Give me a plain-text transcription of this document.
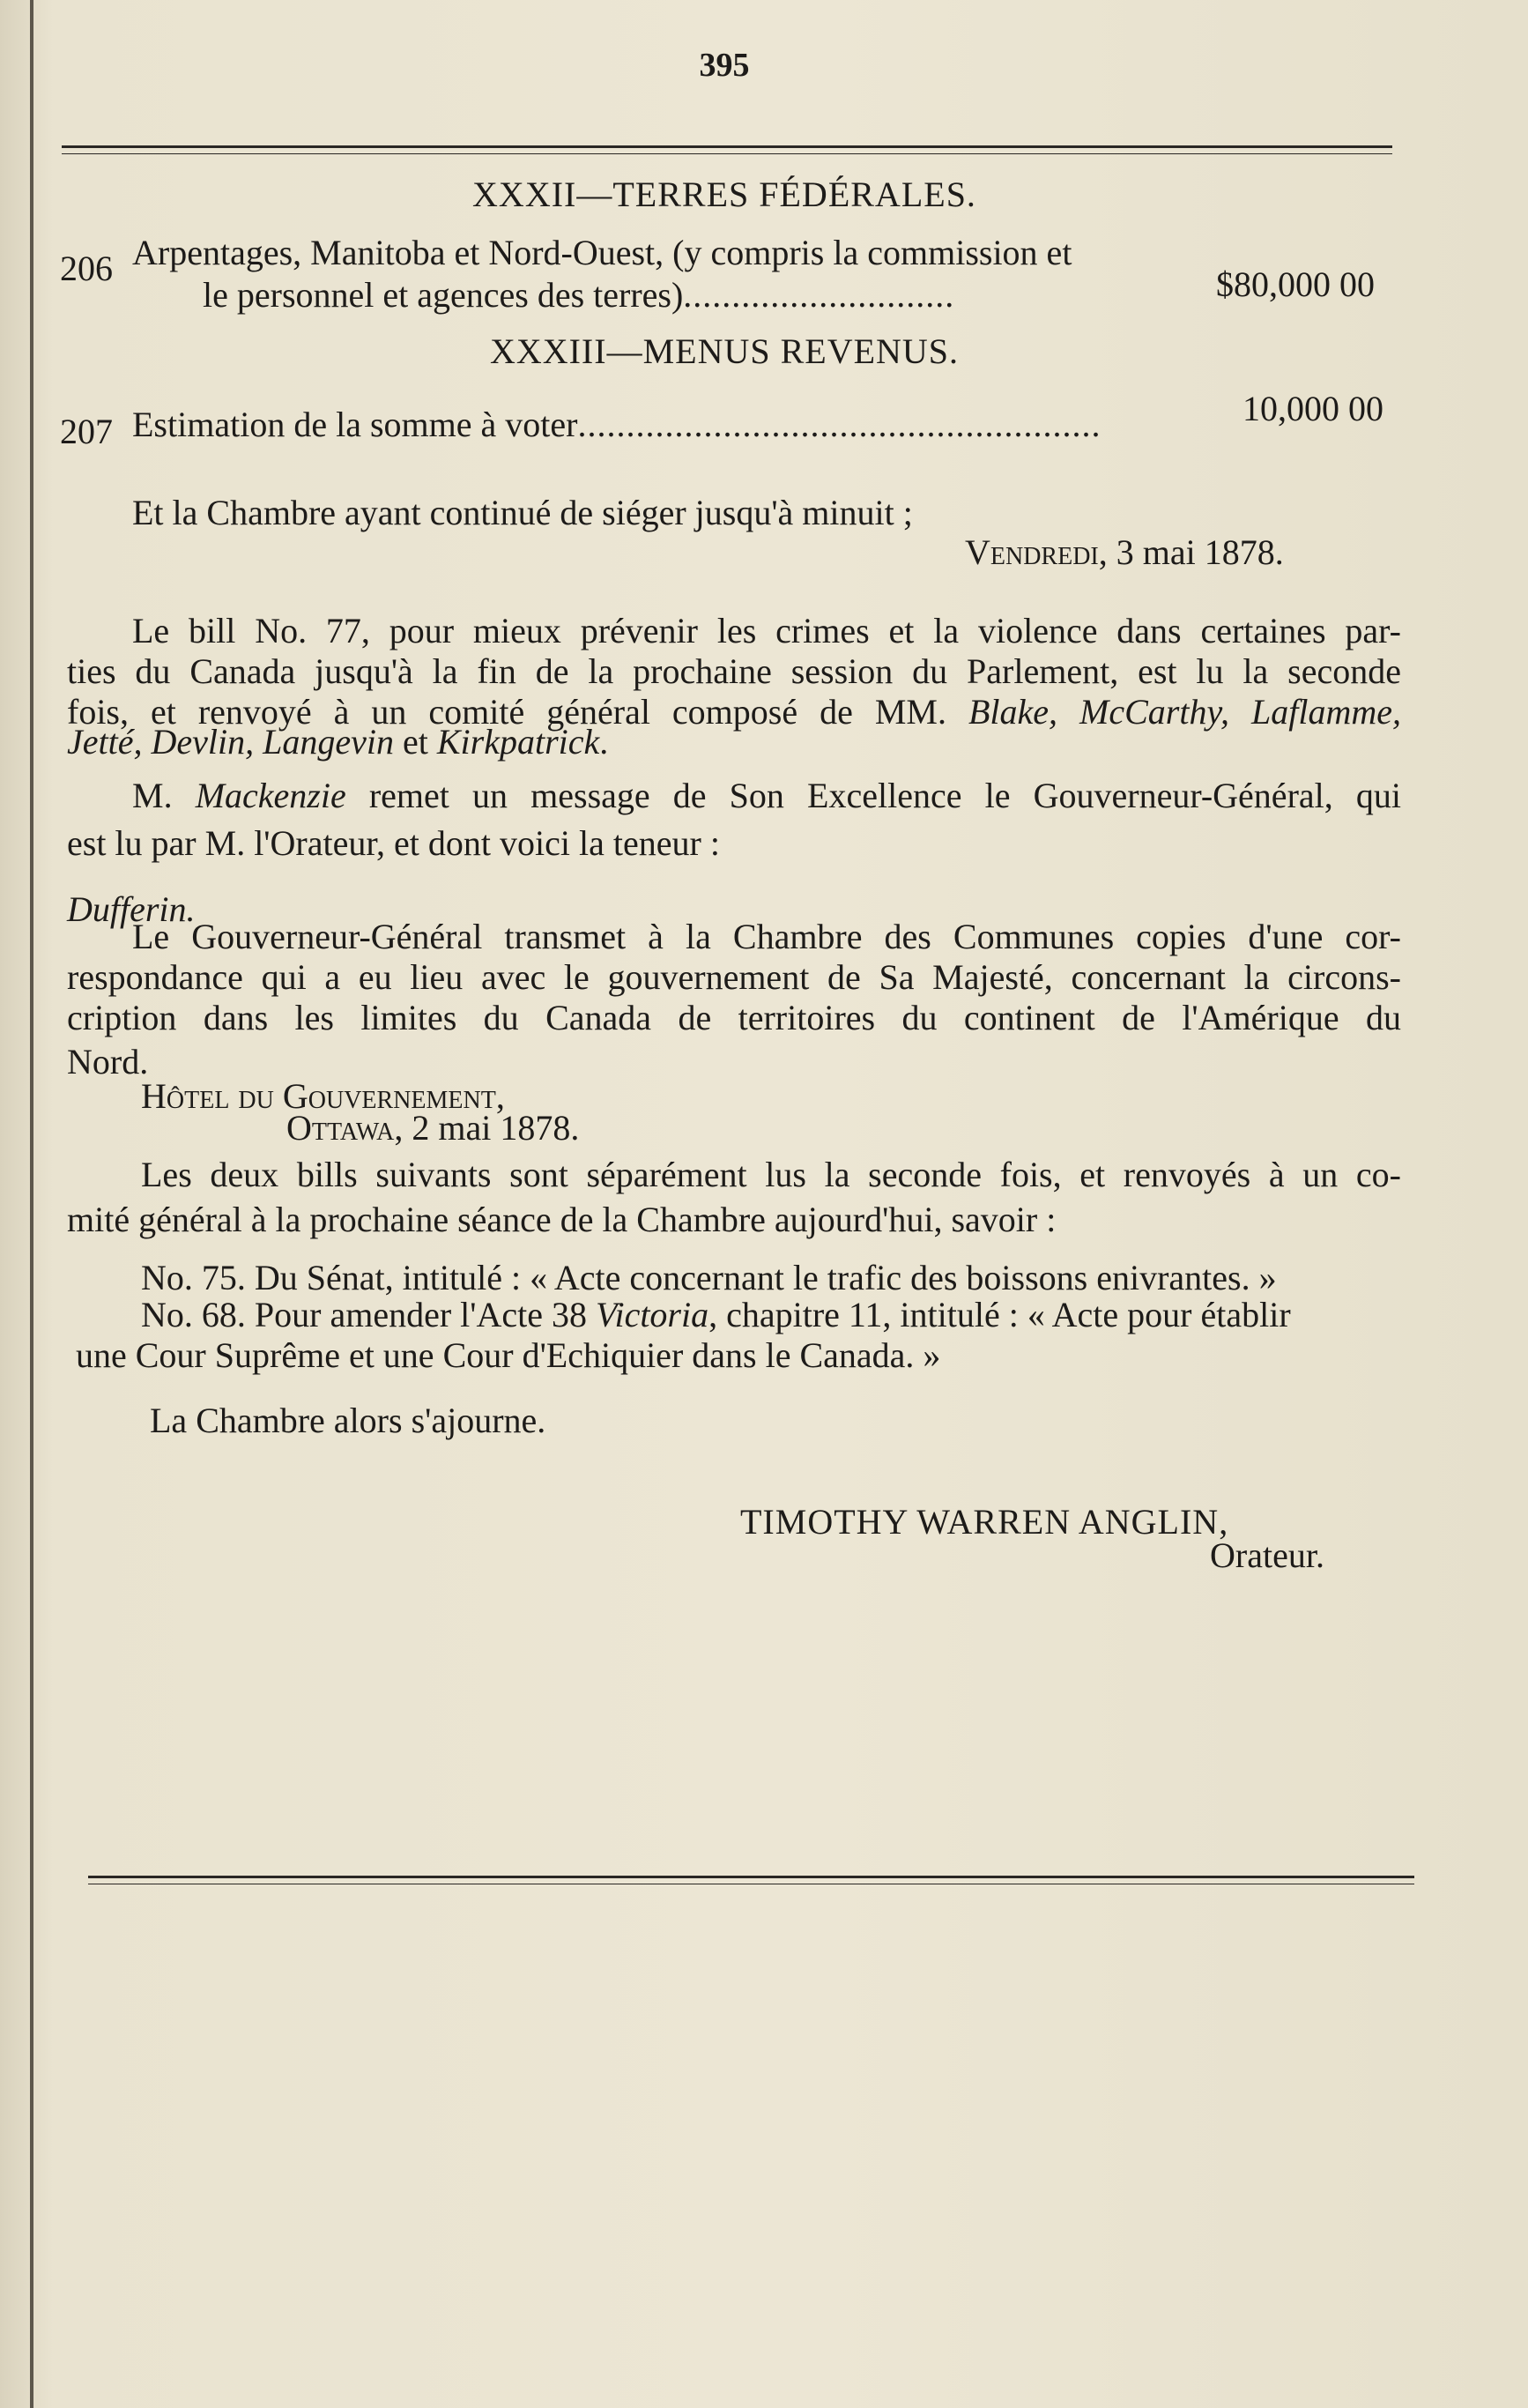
395
XXXII—TERRES FÉDÉRALES.
206 Arpentages, Manitoba et Nord-Ouest, (y compris la commission et
le personnel et agences des terres)............................	$80,000 00
XXXIII—MENUS REVENUS.
207 Estimation de la somme à voter......................................................	10,000 00
Et la Chambre ayant continué de siéger jusqu'à minuit ;
Vendredi, 3 mai 1878.
Le bill No. 77, pour mieux prévenir les crimes et la violence dans certaines par-
ties du Canada jusqu'à la fin de la prochaine session du Parlement, est lu la seconde
fois, et renvoyé à un comité général composé de MM. Blake, McCarthy, Laflamme,
Jetté, Devlin, Langevin et Kirkpatrick.
M. Mackenzie remet un message de Son Excellence le Gouverneur-Général, qui
est lu par M. l'Orateur, et dont voici la teneur :
Dufferin.
Le Gouverneur-Général transmet à la Chambre des Communes copies d'une cor-
respondance qui a eu lieu avec le gouvernement de Sa Majesté, concernant la circons-
cription dans les limites du Canada de territoires du continent de l'Amérique du
Nord.
Hôtel du Gouvernement,
Ottawa, 2 mai 1878.
Les deux bills suivants sont séparément lus la seconde fois, et renvoyés à un co-
mité général à la prochaine séance de la Chambre aujourd'hui, savoir :
No. 75. Du Sénat, intitulé : « Acte concernant le trafic des boissons enivrantes. »
No. 68. Pour amender l'Acte 38 Victoria, chapitre 11, intitulé : « Acte pour établir
une Cour Suprême et une Cour d'Echiquier dans le Canada. »
La Chambre alors s'ajourne.
TIMOTHY WARREN ANGLIN,
Orateur.
